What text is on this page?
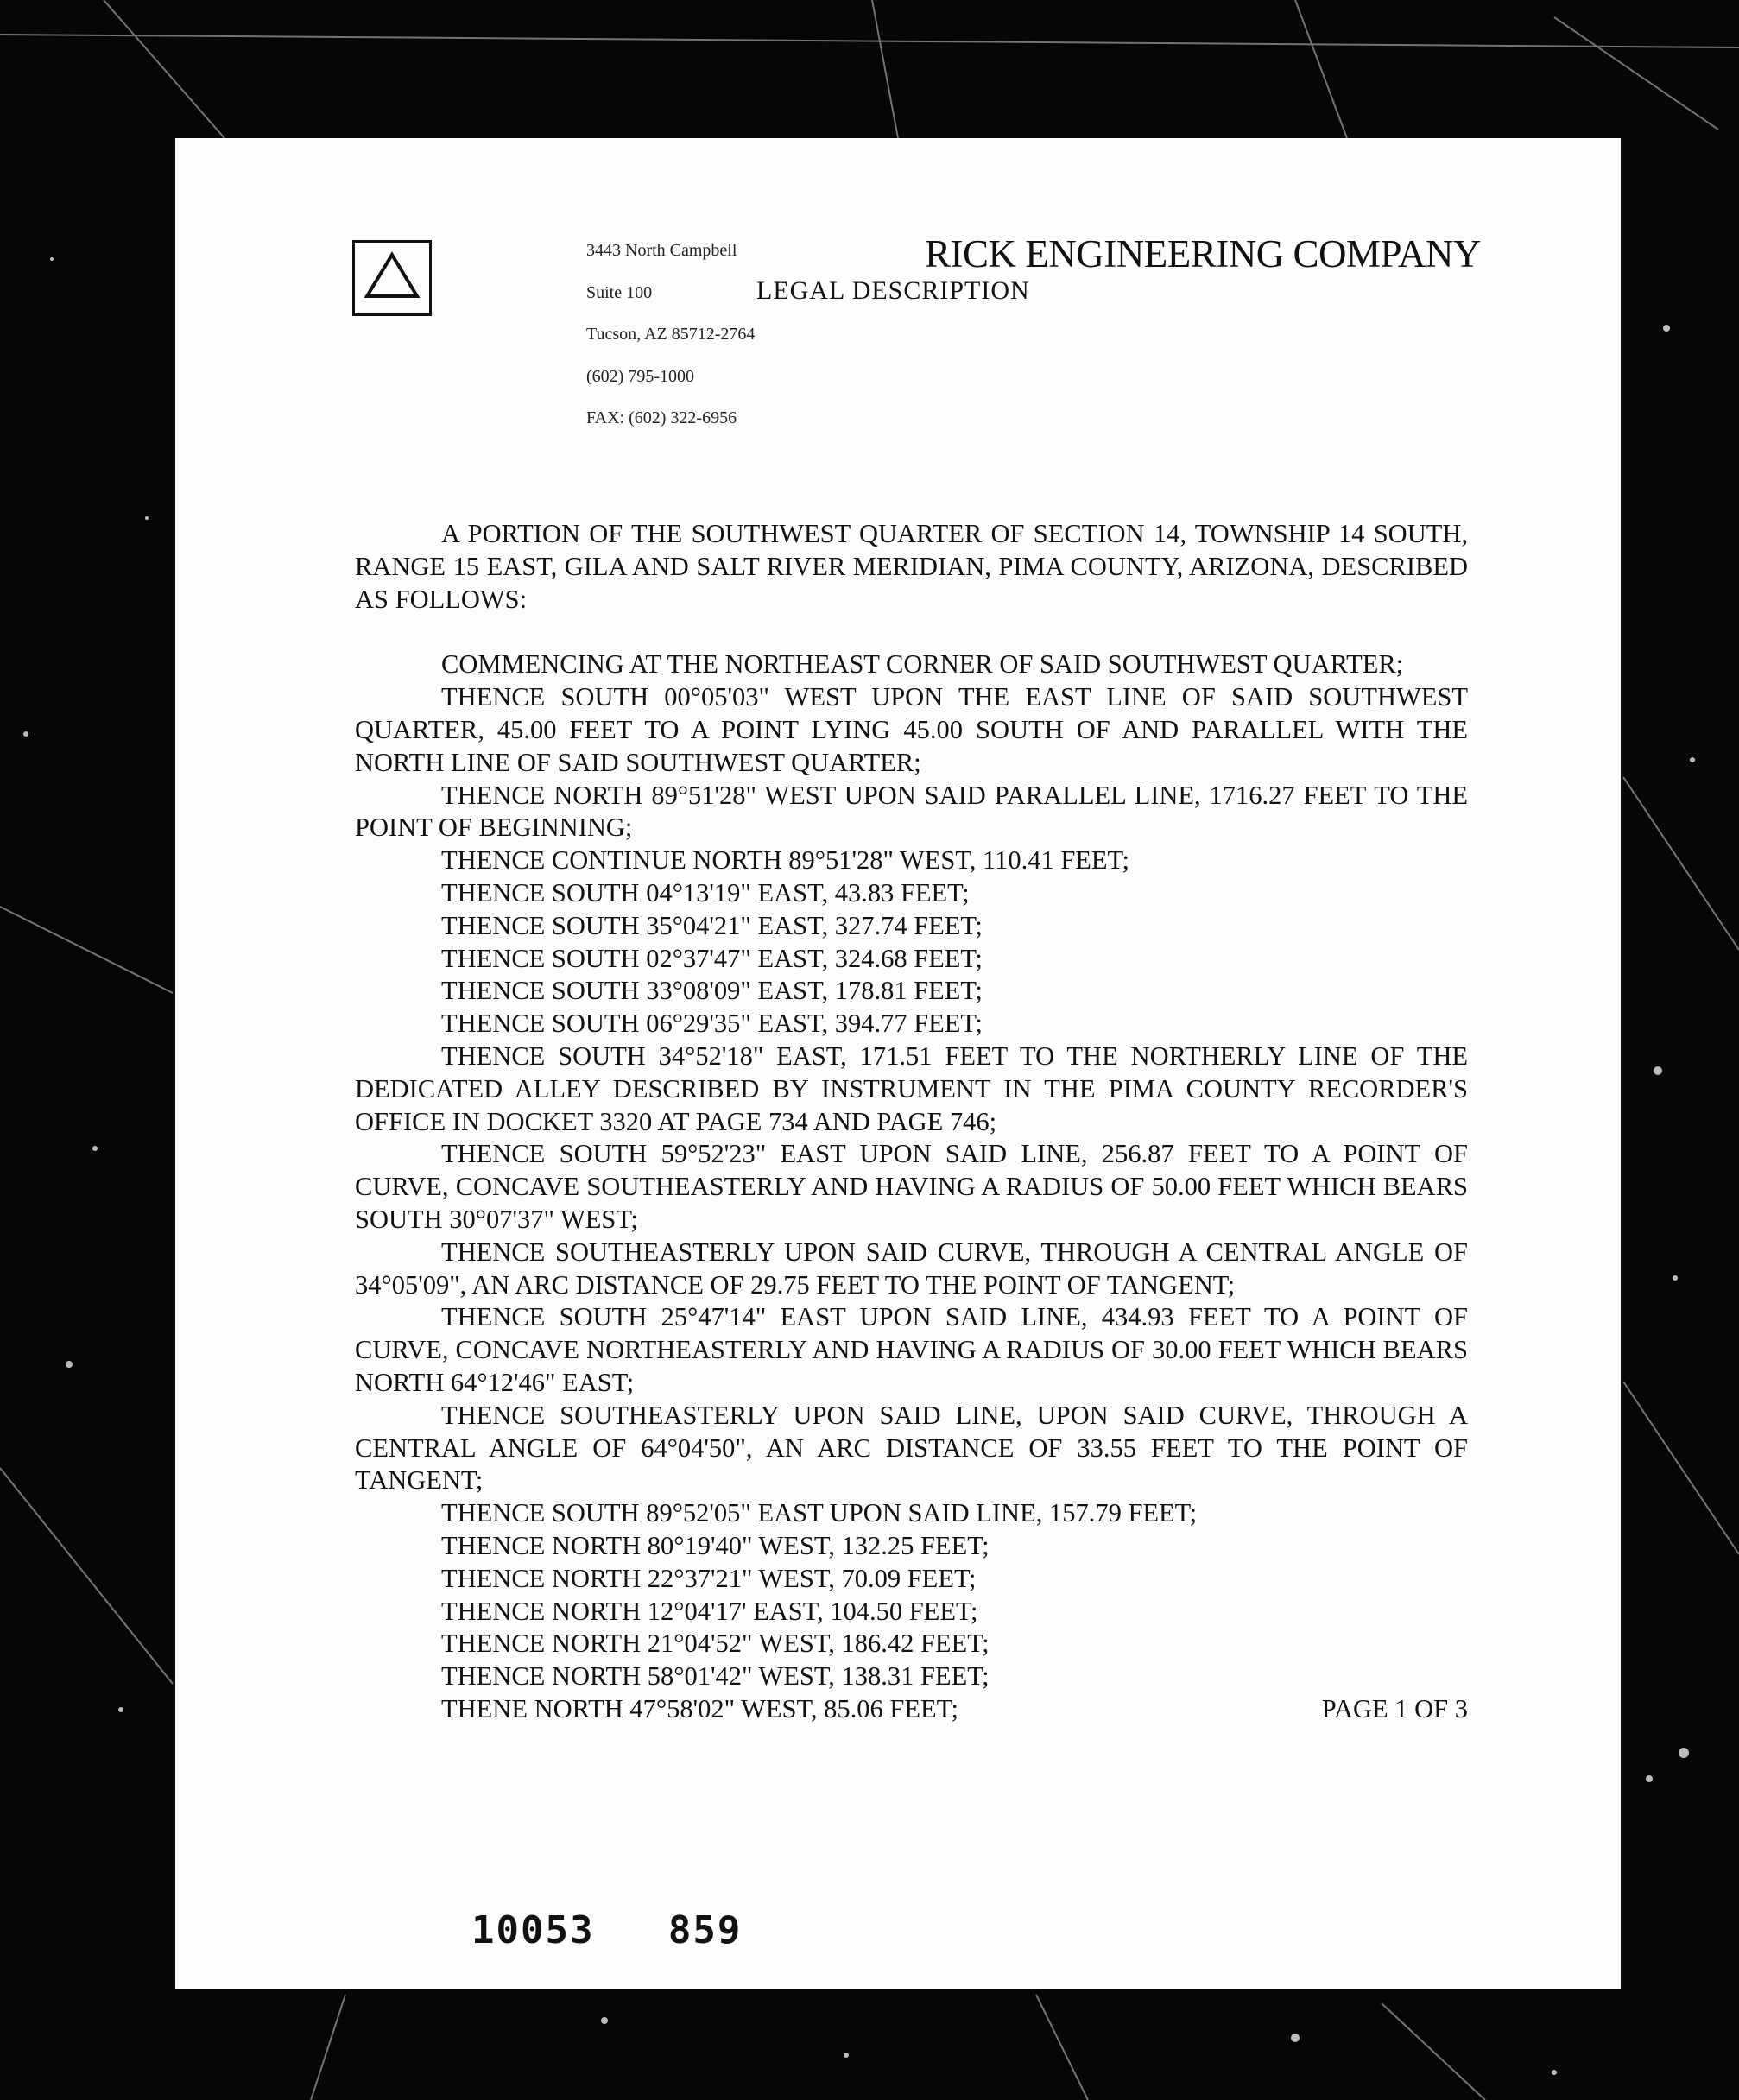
3443 North Campbell
Suite 100
Tucson, AZ 85712-2764
(602) 795-1000
FAX: (602) 322-6956
RICK ENGINEERING COMPANY
LEGAL DESCRIPTION

A PORTION OF THE SOUTHWEST QUARTER OF SECTION 14, TOWNSHIP 14 SOUTH, RANGE 15 EAST, GILA AND SALT RIVER MERIDIAN, PIMA COUNTY, ARIZONA, DESCRIBED AS FOLLOWS:

COMMENCING AT THE NORTHEAST CORNER OF SAID SOUTHWEST QUARTER;

THENCE SOUTH 00°05'03" WEST UPON THE EAST LINE OF SAID SOUTHWEST QUARTER, 45.00 FEET TO A POINT LYING 45.00 SOUTH OF AND PARALLEL WITH THE NORTH LINE OF SAID SOUTHWEST QUARTER;

THENCE NORTH 89°51'28" WEST UPON SAID PARALLEL LINE, 1716.27 FEET TO THE POINT OF BEGINNING;

THENCE CONTINUE NORTH 89°51'28" WEST, 110.41 FEET;

THENCE SOUTH 04°13'19" EAST, 43.83 FEET;

THENCE SOUTH 35°04'21" EAST, 327.74 FEET;

THENCE SOUTH 02°37'47" EAST, 324.68 FEET;

THENCE SOUTH 33°08'09" EAST, 178.81 FEET;

THENCE SOUTH 06°29'35" EAST, 394.77 FEET;

THENCE SOUTH 34°52'18" EAST, 171.51 FEET TO THE NORTHERLY LINE OF THE DEDICATED ALLEY DESCRIBED BY INSTRUMENT IN THE PIMA COUNTY RECORDER'S OFFICE IN DOCKET 3320 AT PAGE 734 AND PAGE 746;

THENCE SOUTH 59°52'23" EAST UPON SAID LINE, 256.87 FEET TO A POINT OF CURVE, CONCAVE SOUTHEASTERLY AND HAVING A RADIUS OF 50.00 FEET WHICH BEARS SOUTH 30°07'37" WEST;

THENCE SOUTHEASTERLY UPON SAID CURVE, THROUGH A CENTRAL ANGLE OF 34°05'09", AN ARC DISTANCE OF 29.75 FEET TO THE POINT OF TANGENT;

THENCE SOUTH 25°47'14" EAST UPON SAID LINE, 434.93 FEET TO A POINT OF CURVE, CONCAVE NORTHEASTERLY AND HAVING A RADIUS OF 30.00 FEET WHICH BEARS NORTH 64°12'46" EAST;

THENCE SOUTHEASTERLY UPON SAID LINE, UPON SAID CURVE, THROUGH A CENTRAL ANGLE OF 64°04'50", AN ARC DISTANCE OF 33.55 FEET TO THE POINT OF TANGENT;

THENCE SOUTH 89°52'05" EAST UPON SAID LINE, 157.79 FEET;

THENCE NORTH 80°19'40" WEST, 132.25 FEET;

THENCE NORTH 22°37'21" WEST, 70.09 FEET;

THENCE NORTH 12°04'17' EAST, 104.50 FEET;

THENCE NORTH 21°04'52" WEST, 186.42 FEET;

THENCE NORTH 58°01'42" WEST, 138.31 FEET;

THENE NORTH 47°58'02" WEST, 85.06 FEET;	PAGE 1 OF 3
10053   859
